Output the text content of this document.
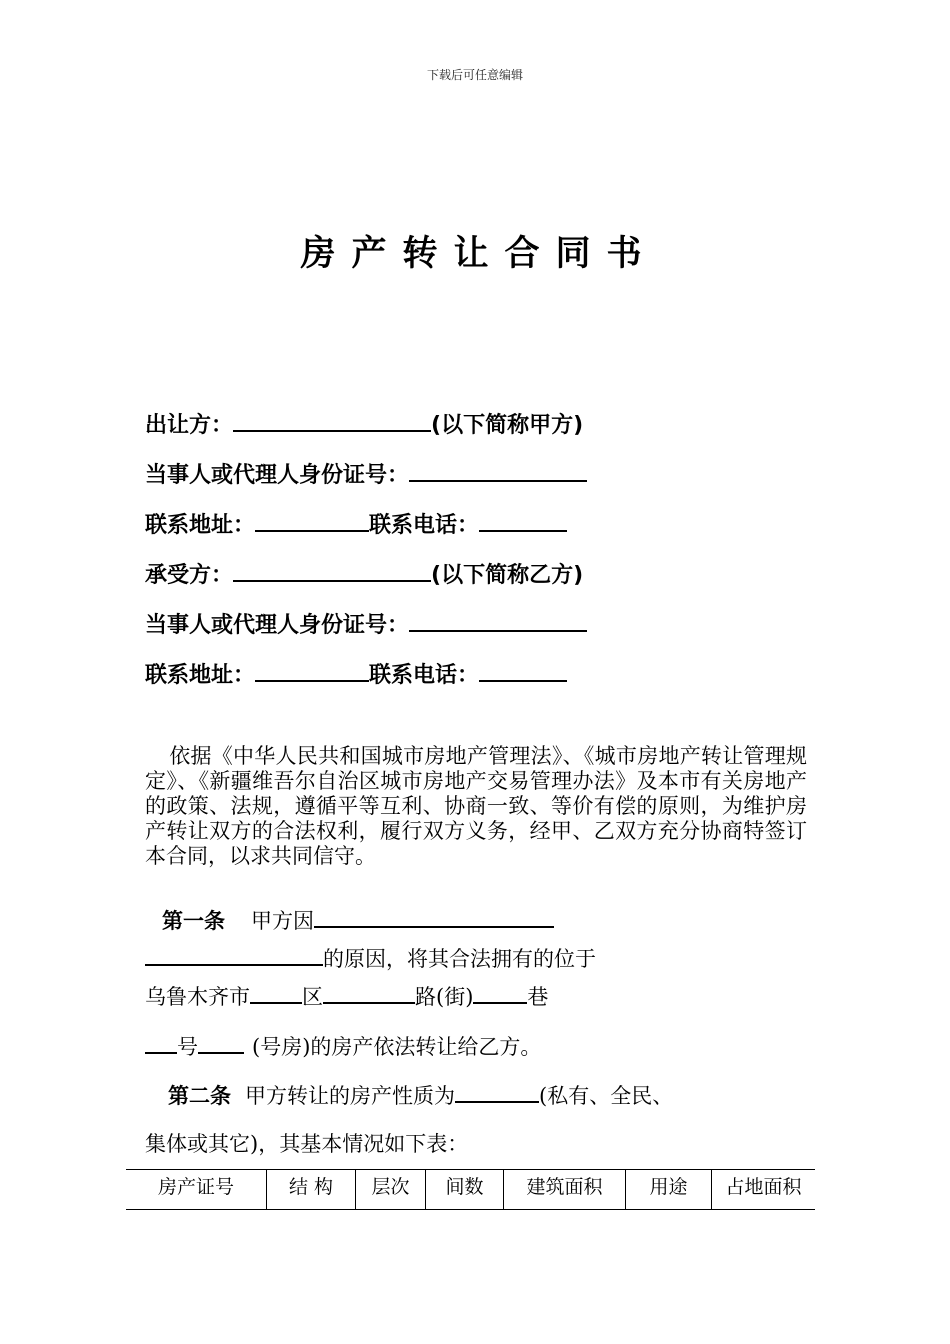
下载后可任意编辑
房产转让合同书
出让方：	(以下简称甲方)
当事人或代理人身份证号：
联系地址：	联系电话：
承受方：	(以下简称乙方)
当事人或代理人身份证号：
联系地址：	联系电话：
依据《中华人民共和国城市房地产管理法》、《城市房地产转让管理规定》、《新疆维吾尔自治区城市房地产交易管理办法》及本市有关房地产的政策、法规，遵循平等互利、协商一致、等价有偿的原则，为维护房产转让双方的合法权利，履行双方义务，经甲、乙双方充分协商特签订本合同，以求共同信守。
第一条 甲方因
的原因，将其合法拥有的位于
乌鲁木齐市 区	路(街)	巷
号	(号房)的房产依法转让给乙方。
第二条 甲方转让的房产性质为	(私有、全民、
集体或其它)，其基本情况如下表：
房产证号	结 构	层次	间数	建筑面积	用途	占地面积
